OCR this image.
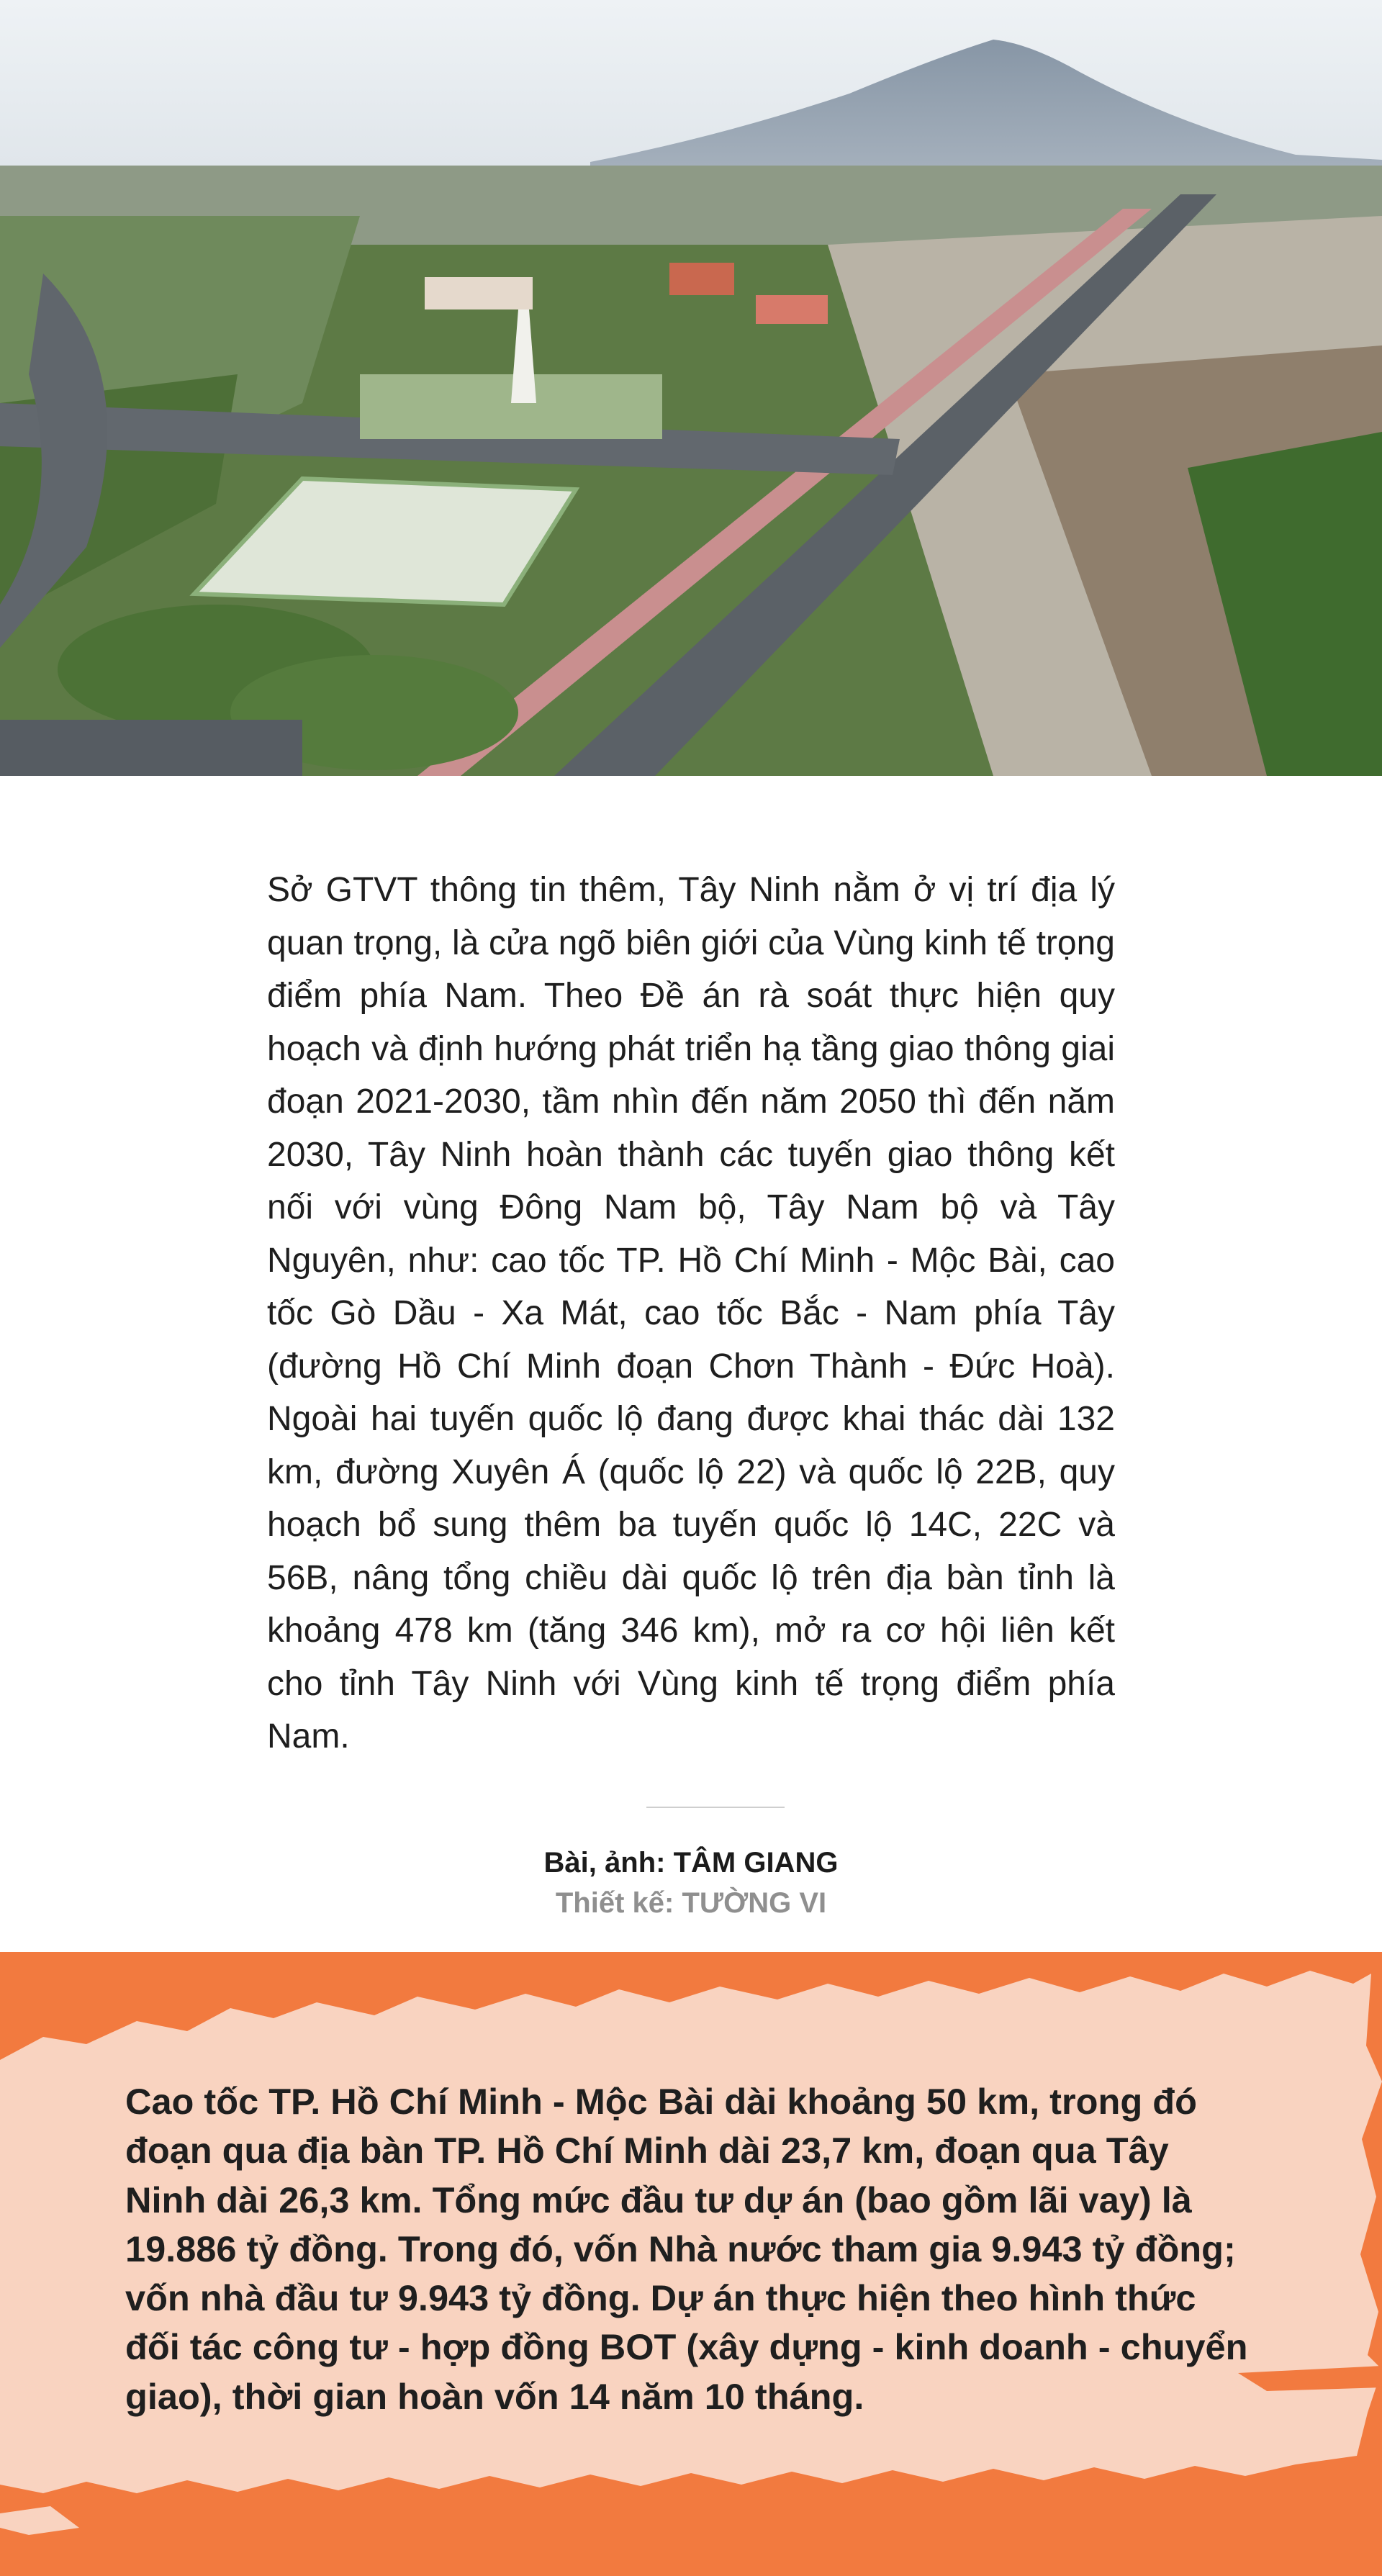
Sở GTVT thông tin thêm, Tây Ninh nằm ở vị trí địa lý quan trọng, là cửa ngõ biên giới của Vùng kinh tế trọng điểm phía Nam. Theo Đề án rà soát thực hiện quy hoạch và định hướng phát triển hạ tầng giao thông giai đoạn 2021-2030, tầm nhìn đến năm 2050 thì đến năm 2030, Tây Ninh hoàn thành các tuyến giao thông kết nối với vùng Đông Nam bộ, Tây Nam bộ và Tây Nguyên, như: cao tốc TP. Hồ Chí Minh - Mộc Bài, cao tốc Gò Dầu - Xa Mát, cao tốc Bắc - Nam phía Tây (đường Hồ Chí Minh đoạn Chơn Thành - Đức Hoà). Ngoài hai tuyến quốc lộ đang được khai thác dài 132 km, đường Xuyên Á (quốc lộ 22) và quốc lộ 22B, quy hoạch bổ sung thêm ba tuyến quốc lộ 14C, 22C và 56B, nâng tổng chiều dài quốc lộ trên địa bàn tỉnh là khoảng 478 km (tăng 346 km), mở ra cơ hội liên kết cho tỉnh Tây Ninh với Vùng kinh tế trọng điểm phía Nam.

Bài, ảnh: TÂM GIANG

Thiết kế: TƯỜNG VI

Cao tốc TP. Hồ Chí Minh - Mộc Bài dài khoảng 50 km, trong đó đoạn qua địa bàn TP. Hồ Chí Minh dài 23,7 km, đoạn qua Tây Ninh dài 26,3 km. Tổng mức đầu tư dự án (bao gồm lãi vay) là 19.886 tỷ đồng. Trong đó, vốn Nhà nước tham gia 9.943 tỷ đồng; vốn nhà đầu tư 9.943 tỷ đồng. Dự án thực hiện theo hình thức đối tác công tư - hợp đồng BOT (xây dựng - kinh doanh - chuyển giao), thời gian hoàn vốn 14 năm 10 tháng.
